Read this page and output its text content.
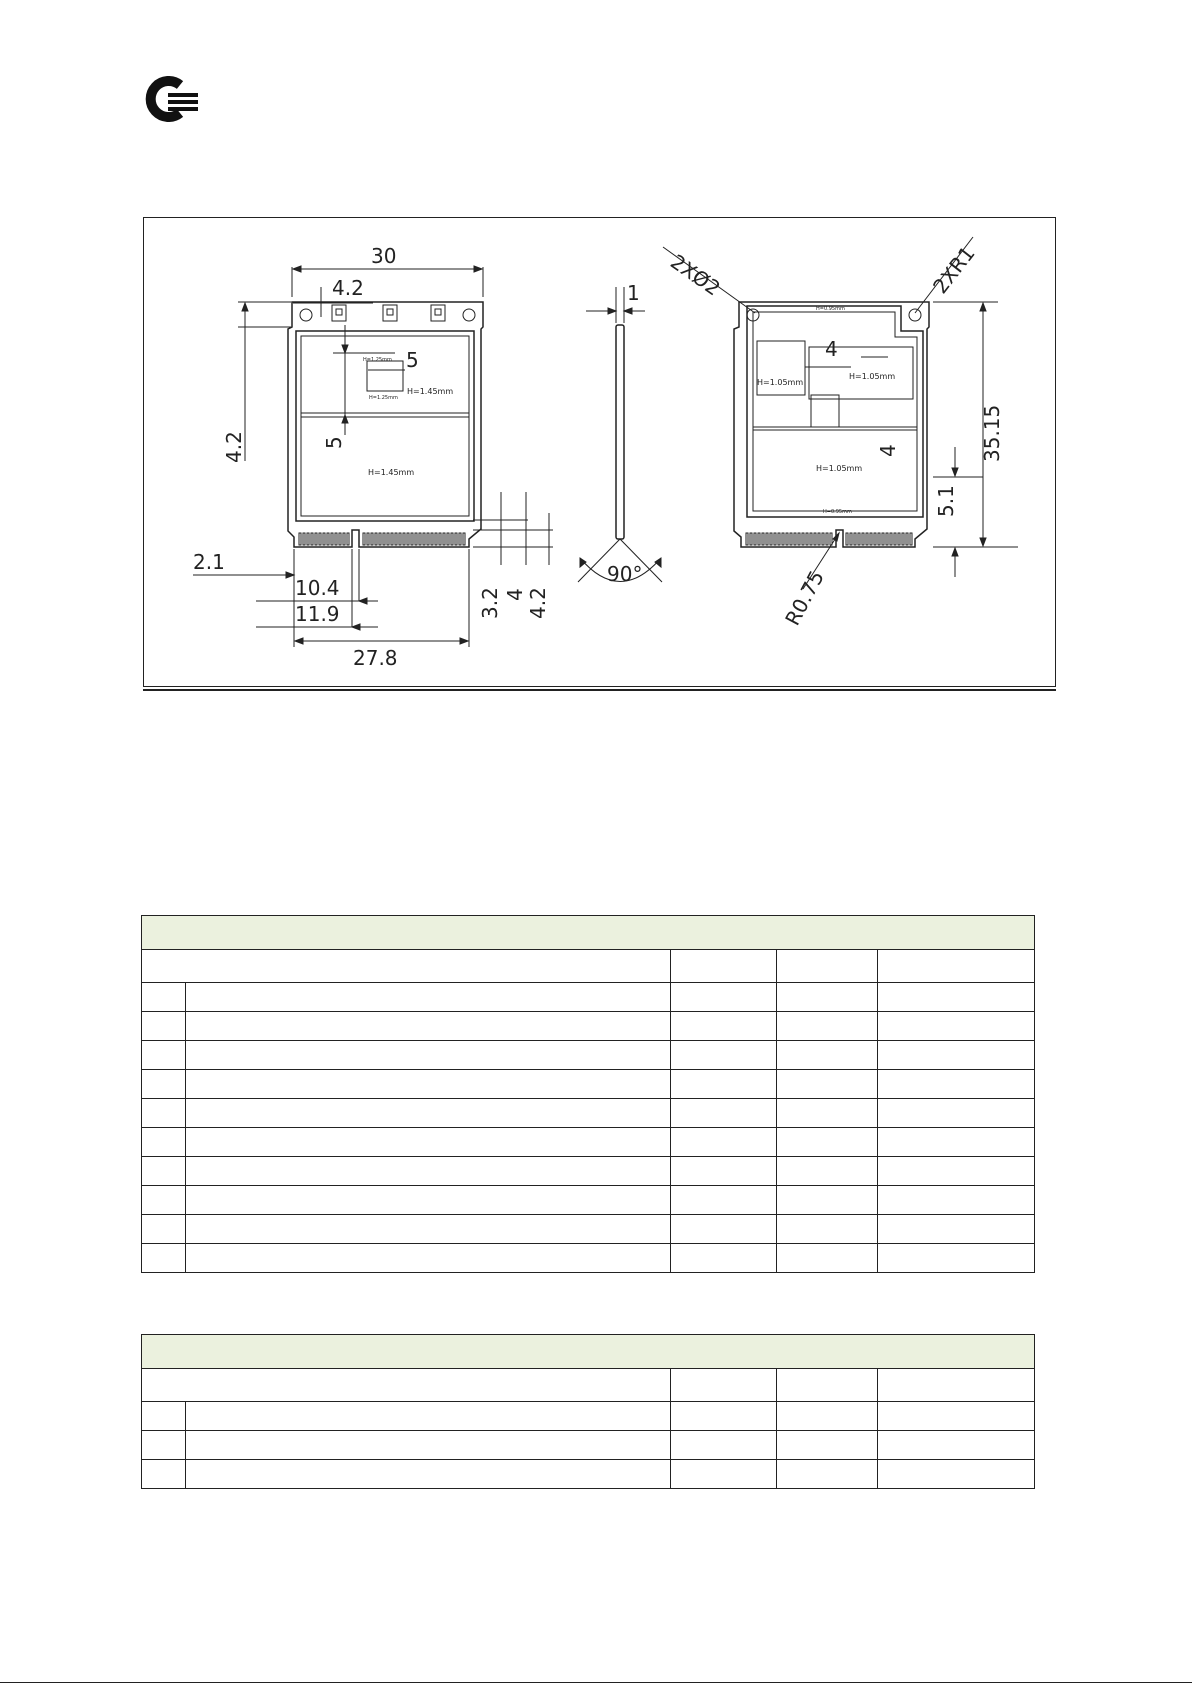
30
4.2
5
5
4.2
2.1
10.4
11.9
27.8
3.2 4 4.2
H=1.45mm
H=1.45mm
H=1.25mm
H=1.25mm
1
90°
2XØ2	2XR1
4
4	35.15
5.1
R0.75
H=1.05mm
H=1.05mm
H=1.05mm
H=0.95mm
H=0.95mm
